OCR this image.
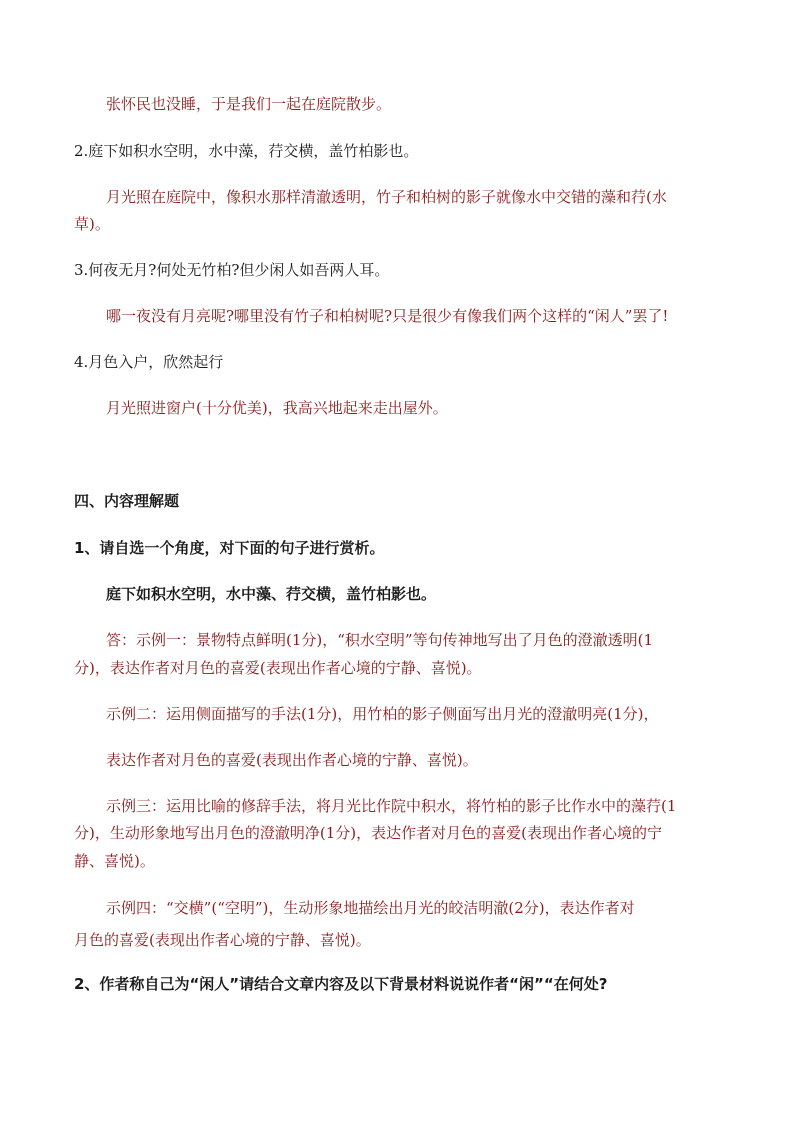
张怀民也没睡，于是我们一起在庭院散步。

2.庭下如积水空明，水中藻，荇交横，盖竹柏影也。

月光照在庭院中，像积水那样清澈透明，竹子和柏树的影子就像水中交错的藻和荇(水

草)。

3.何夜无月?何处无竹柏?但少闲人如吾两人耳。

哪一夜没有月亮呢?哪里没有竹子和柏树呢?只是很少有像我们两个这样的“闲人”罢了!

4.月色入户，欣然起行

月光照进窗户(十分优美)，我高兴地起来走出屋外。

四、内容理解题

1、请自选一个角度，对下面的句子进行赏析。

庭下如积水空明，水中藻、荇交横，盖竹柏影也。

答：示例一：景物特点鲜明(1分)，“积水空明”等句传神地写出了月色的澄澈透明(1

分)，表达作者对月色的喜爱(表现出作者心境的宁静、喜悦)。

示例二：运用侧面描写的手法(1分)，用竹柏的影子侧面写出月光的澄澈明亮(1分)，

表达作者对月色的喜爱(表现出作者心境的宁静、喜悦)。

示例三：运用比喻的修辞手法，将月光比作院中积水，将竹柏的影子比作水中的藻荇(1

分)，生动形象地写出月色的澄澈明净(1分)，表达作者对月色的喜爱(表现出作者心境的宁

静、喜悦)。

示例四：“交横”(“空明”)，生动形象地描绘出月光的皎洁明澈(2分)，表达作者对

月色的喜爱(表现出作者心境的宁静、喜悦)。

2、作者称自己为“闲人”请结合文章内容及以下背景材料说说作者“闲”“在何处?
